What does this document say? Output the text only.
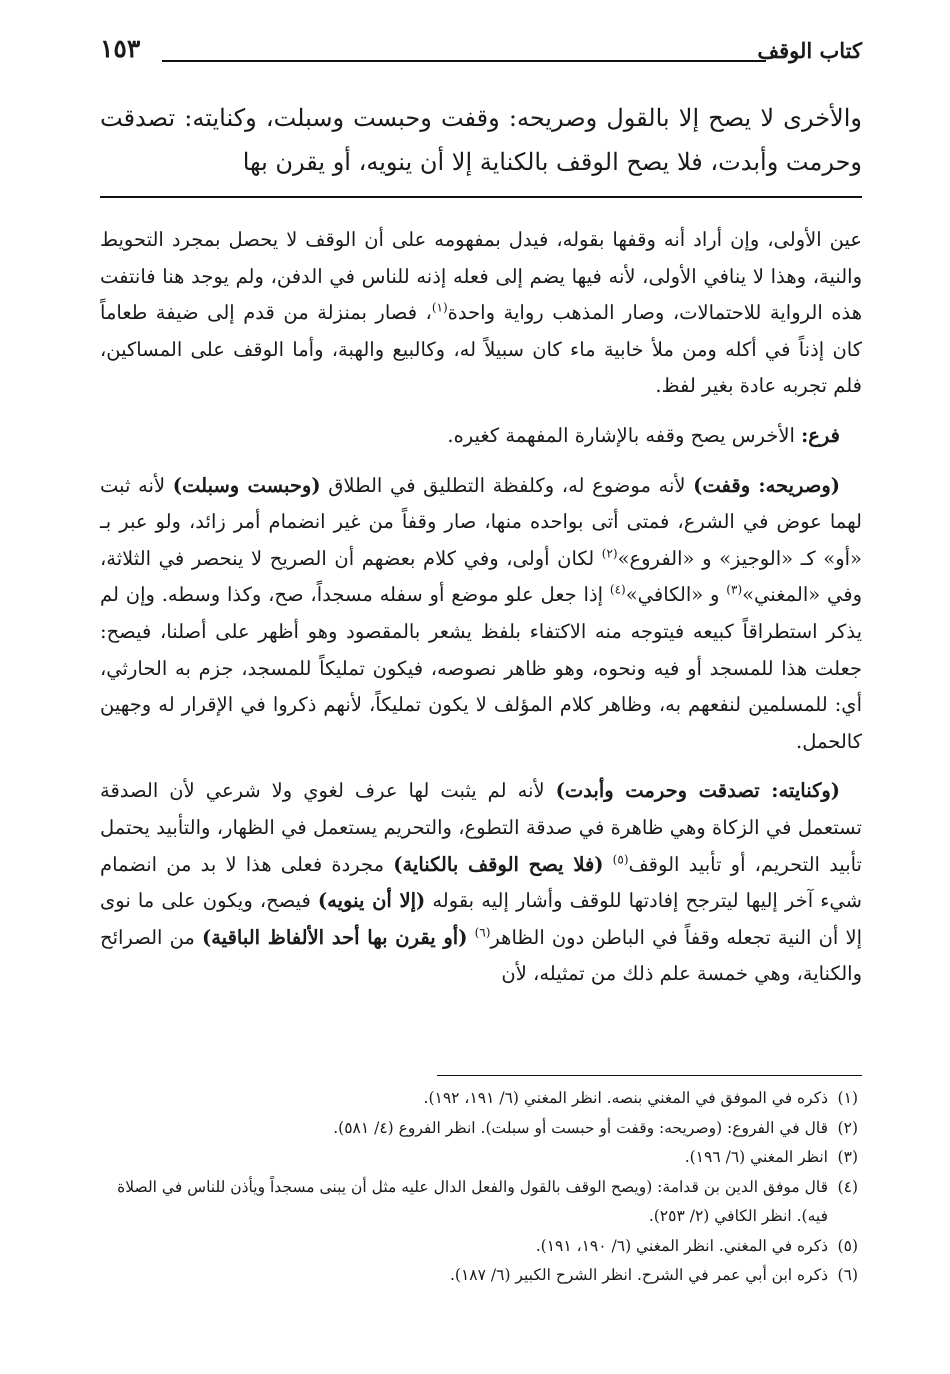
كتاب الوقف
١٥٣

والأخرى لا يصح إلا بالقول وصريحه: وقفت وحبست وسبلت، وكنايته: تصدقت وحرمت وأبدت، فلا يصح الوقف بالكناية إلا أن ينويه، أو يقرن بها

عين الأولى، وإن أراد أنه وقفها بقوله، فيدل بمفهومه على أن الوقف لا يحصل بمجرد التحويط والنية، وهذا لا ينافي الأولى، لأنه فيها يضم إلى فعله إذنه للناس في الدفن، ولم يوجد هنا فانتفت هذه الرواية للاحتمالات، وصار المذهب رواية واحدة$^{(١)}$، فصار بمنزلة من قدم إلى ضيفة طعاماً كان إذناً في أكله ومن ملأ خابية ماء كان سبيلاً له، وكالبيع والهبة، وأما الوقف على المساكين، فلم تجربه عادة بغير لفظ.

فرع: الأخرس يصح وقفه بالإشارة المفهمة كغيره.

(وصريحه: وقفت) لأنه موضوع له، وكلفظة التطليق في الطلاق (وحبست وسبلت) لأنه ثبت لهما عوض في الشرع، فمتى أتى بواحده منها، صار وقفاً من غير انضمام أمر زائد، ولو عبر بـ «أو» كـ «الوجيز» و «الفروع»$^{(٢)}$ لكان أولى، وفي كلام بعضهم أن الصريح لا ينحصر في الثلاثة، وفي «المغني»$^{(٣)}$ و «الكافي»$^{(٤)}$ إذا جعل علو موضع أو سفله مسجداً، صح، وكذا وسطه. وإن لم يذكر استطراقاً كبيعه فيتوجه منه الاكتفاء بلفظ يشعر بالمقصود وهو أظهر على أصلنا، فيصح: جعلت هذا للمسجد أو فيه ونحوه، وهو ظاهر نصوصه، فيكون تمليكاً للمسجد، جزم به الحارثي، أي: للمسلمين لنفعهم به، وظاهر كلام المؤلف لا يكون تمليكاً، لأنهم ذكروا في الإقرار له وجهين كالحمل.

(وكنايته: تصدقت وحرمت وأبدت) لأنه لم يثبت لها عرف لغوي ولا شرعي لأن الصدقة تستعمل في الزكاة وهي ظاهرة في صدقة التطوع، والتحريم يستعمل في الظهار، والتأبيد يحتمل تأبيد التحريم، أو تأبيد الوقف$^{(٥)}$ (فلا يصح الوقف بالكناية) مجردة فعلى هذا لا بد من انضمام شيء آخر إليها ليترجح إفادتها للوقف وأشار إليه بقوله (إلا أن ينويه) فيصح، ويكون على ما نوى إلا أن النية تجعله وقفاً في الباطن دون الظاهر$^{(٦)}$ (أو يقرن بها أحد الألفاظ الباقية) من الصرائح والكناية، وهي خمسة علم ذلك من تمثيله، لأن

(١)
ذكره في الموفق في المغني بنصه. انظر المغني (٦/ ١٩١، ١٩٢).
(٢)
قال في الفروع: (وصريحه: وقفت أو حبست أو سبلت). انظر الفروع (٤/ ٥٨١).
(٣)
انظر المغني (٦/ ١٩٦).
(٤)
قال موفق الدين بن قدامة: (ويصح الوقف بالقول والفعل الدال عليه مثل أن يبنى مسجداً ويأذن للناس في الصلاة فيه). انظر الكافي (٢/ ٢٥٣).
(٥)
ذكره في المغني. انظر المغني (٦/ ١٩٠، ١٩١).
(٦)
ذكره ابن أبي عمر في الشرح. انظر الشرح الكبير (٦/ ١٨٧).
